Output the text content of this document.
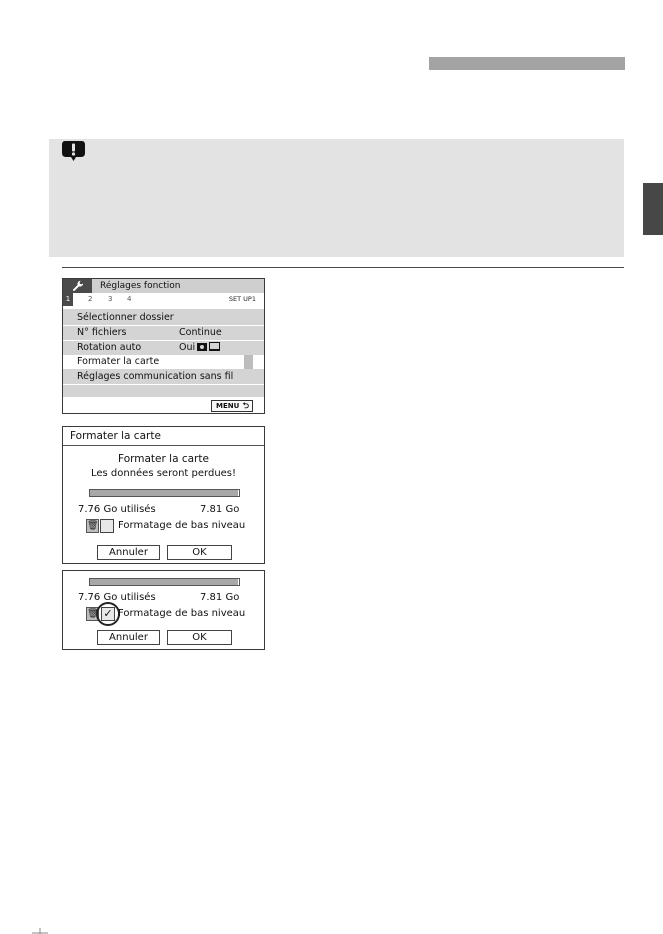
Réglages fonction
1	2 3 4	SET UP1
Sélectionner dossier
N° fichiers	Continue
Rotation auto	Oui
Formater la carte
Réglages communication sans fil
MENU ⮌
Formater la carte
Formater la carte
Les données seront perdues!
7.76 Go utilisés	7.81 Go
🗑 Formatage de bas niveau
Annuler	OK
7.76 Go utilisés	7.81 Go
🗑 ✓ Formatage de bas niveau
Annuler	OK
